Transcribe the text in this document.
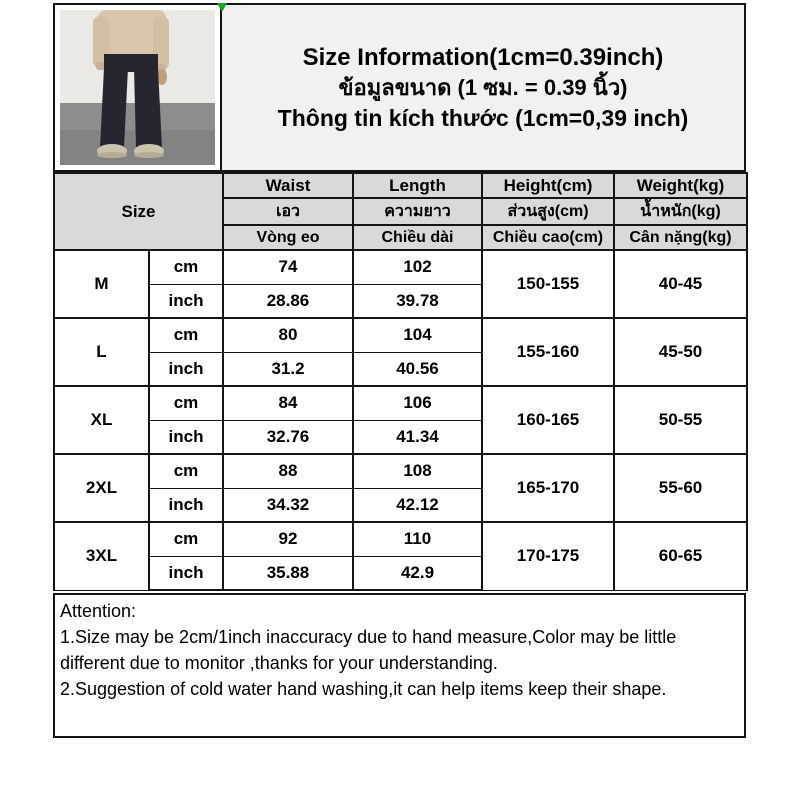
Size Information(1cm=0.39inch)
ข้อมูลขนาด (1 ซม. = 0.39 นิ้ว)
Thông tin kích thước (1cm=0,39 inch)
Size		Waist	Length	Height(cm)	Weight(kg)
		เอว	ความยาว	ส่วนสูง(cm)	น้ำหนัก(kg)
		Vòng eo	Chiều dài	Chiều cao(cm)	Cân nặng(kg)
M	cm	74	102	150-155	40-45
	inch	28.86	39.78		
L	cm	80	104	155-160	45-50
	inch	31.2	40.56		
XL	cm	84	106	160-165	50-55
	inch	32.76	41.34		
2XL	cm	88	108	165-170	55-60
	inch	34.32	42.12		
3XL	cm	92	110	170-175	60-65
	inch	35.88	42.9		
Attention:
1.Size may be 2cm/1inch inaccuracy due to hand measure,Color may be little different due to monitor ,thanks for your understanding.
2.Suggestion of cold water hand washing,it can help items keep their shape.
